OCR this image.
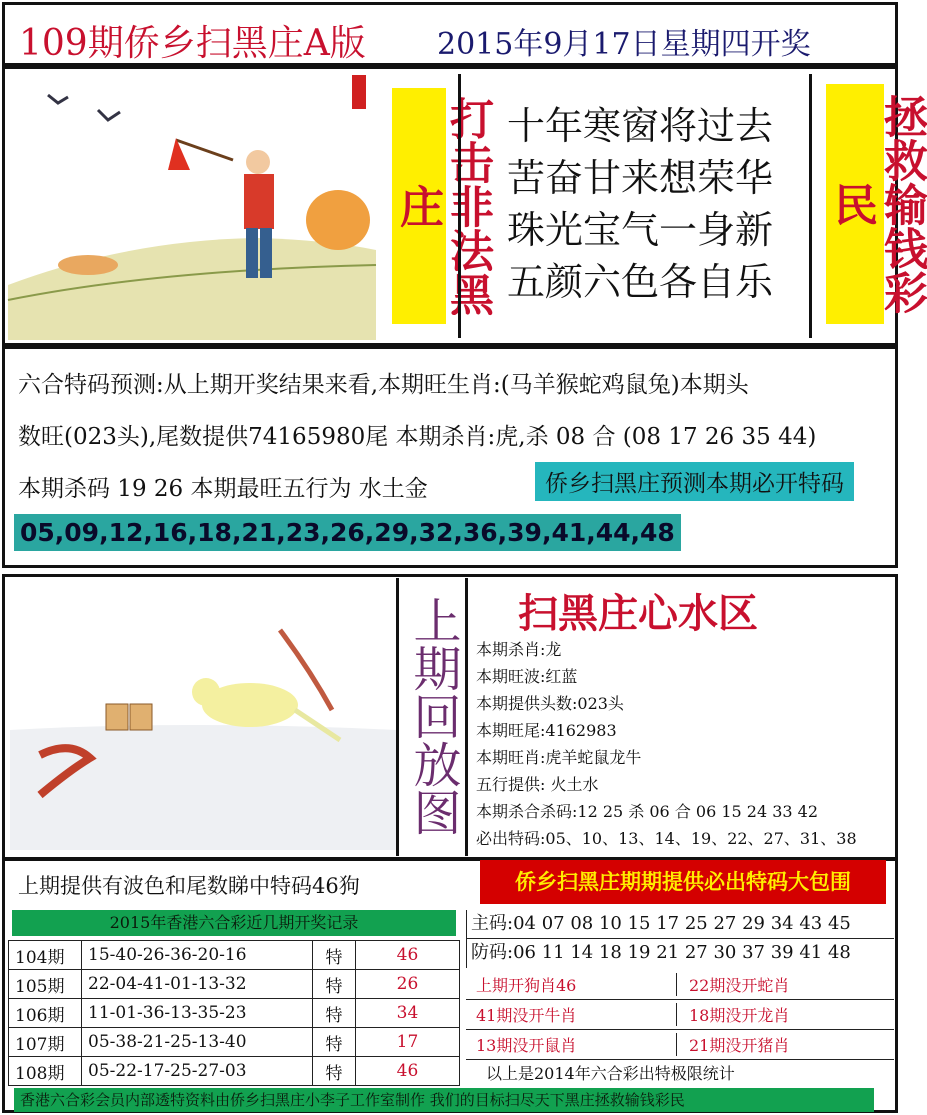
109期侨乡扫黑庄A版 2015年9月17日星期四开奖
打击非法黑庄
十年寒窗将过去
苦奋甘来想荣华
珠光宝气一身新
五颜六色各自乐	拯救输钱彩民
六合特码预测:从上期开奖结果来看,本期旺生肖:(马羊猴蛇鸡鼠兔)本期头
数旺(023头),尾数提供74165980尾 本期杀肖:虎,杀 08 合 (08 17 26 35 44)
本期杀码 19 26 本期最旺五行为 水土金	侨乡扫黑庄预测本期必开特码
05,09,12,16,18,21,23,26,29,32,36,39,41,44,48
上期回放图 扫黑庄心水区
本期杀肖:龙
本期旺波:红蓝
本期提供头数:023头
本期旺尾:4162983
本期旺肖:虎羊蛇鼠龙牛
五行提供: 火土水
本期杀合杀码:12 25 杀 06 合 06 15 24 33 42
必出特码:05、10、13、14、19、22、27、31、38
上期提供有波色和尾数睇中特码46狗	侨乡扫黑庄期期提供必出特码大包围
2015年香港六合彩近几期开奖记录
104期	15-40-26-36-20-16	特	46
105期	22-04-41-01-13-32	特	26
106期	11-01-36-13-35-23	特	34
107期	05-38-21-25-13-40	特	17
108期	05-22-17-25-27-03	特	46
主码:04 07 08 10 15 17 25 27 29 34 43 45
防码:06 11 14 18 19 21 27 30 37 39 41 48
上期开狗肖46	22期没开蛇肖
41期没开牛肖	18期没开龙肖
13期没开鼠肖	21期没开猪肖
以上是2014年六合彩出特极限统计
香港六合彩会员内部透特资料由侨乡扫黑庄小李子工作室制作 我们的目标扫尽天下黑庄拯救输钱彩民
